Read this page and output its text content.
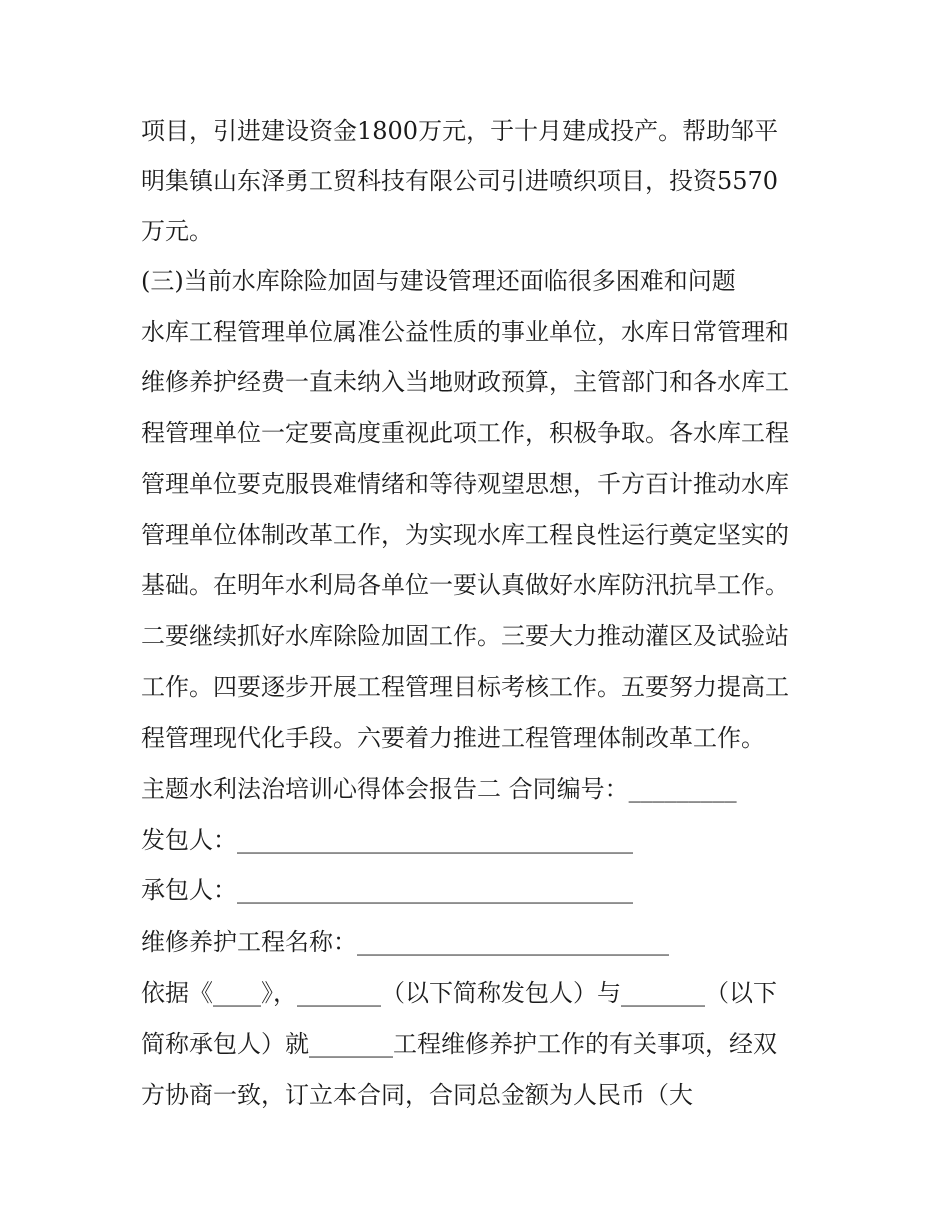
项目，引进建设资金1800万元，于十月建成投产。帮助邹平
明集镇山东泽勇工贸科技有限公司引进喷织项目，投资5570
万元。
(三)当前水库除险加固与建设管理还面临很多困难和问题
水库工程管理单位属准公益性质的事业单位，水库日常管理和
维修养护经费一直未纳入当地财政预算，主管部门和各水库工
程管理单位一定要高度重视此项工作，积极争取。各水库工程
管理单位要克服畏难情绪和等待观望思想，千方百计推动水库
管理单位体制改革工作，为实现水库工程良性运行奠定坚实的
基础。在明年水利局各单位一要认真做好水库防汛抗旱工作。
二要继续抓好水库除险加固工作。三要大力推动灌区及试验站
工作。四要逐步开展工程管理目标考核工作。五要努力提高工
程管理现代化手段。六要着力推进工程管理体制改革工作。
主题水利法治培训心得体会报告二 合同编号：_________
发包人：_________________________________
承包人：_________________________________
维修养护工程名称：__________________________
依据《____》，_______（以下简称发包人）与_______（以下
简称承包人）就_______工程维修养护工作的有关事项，经双
方协商一致，订立本合同，合同总金额为人民币（大
